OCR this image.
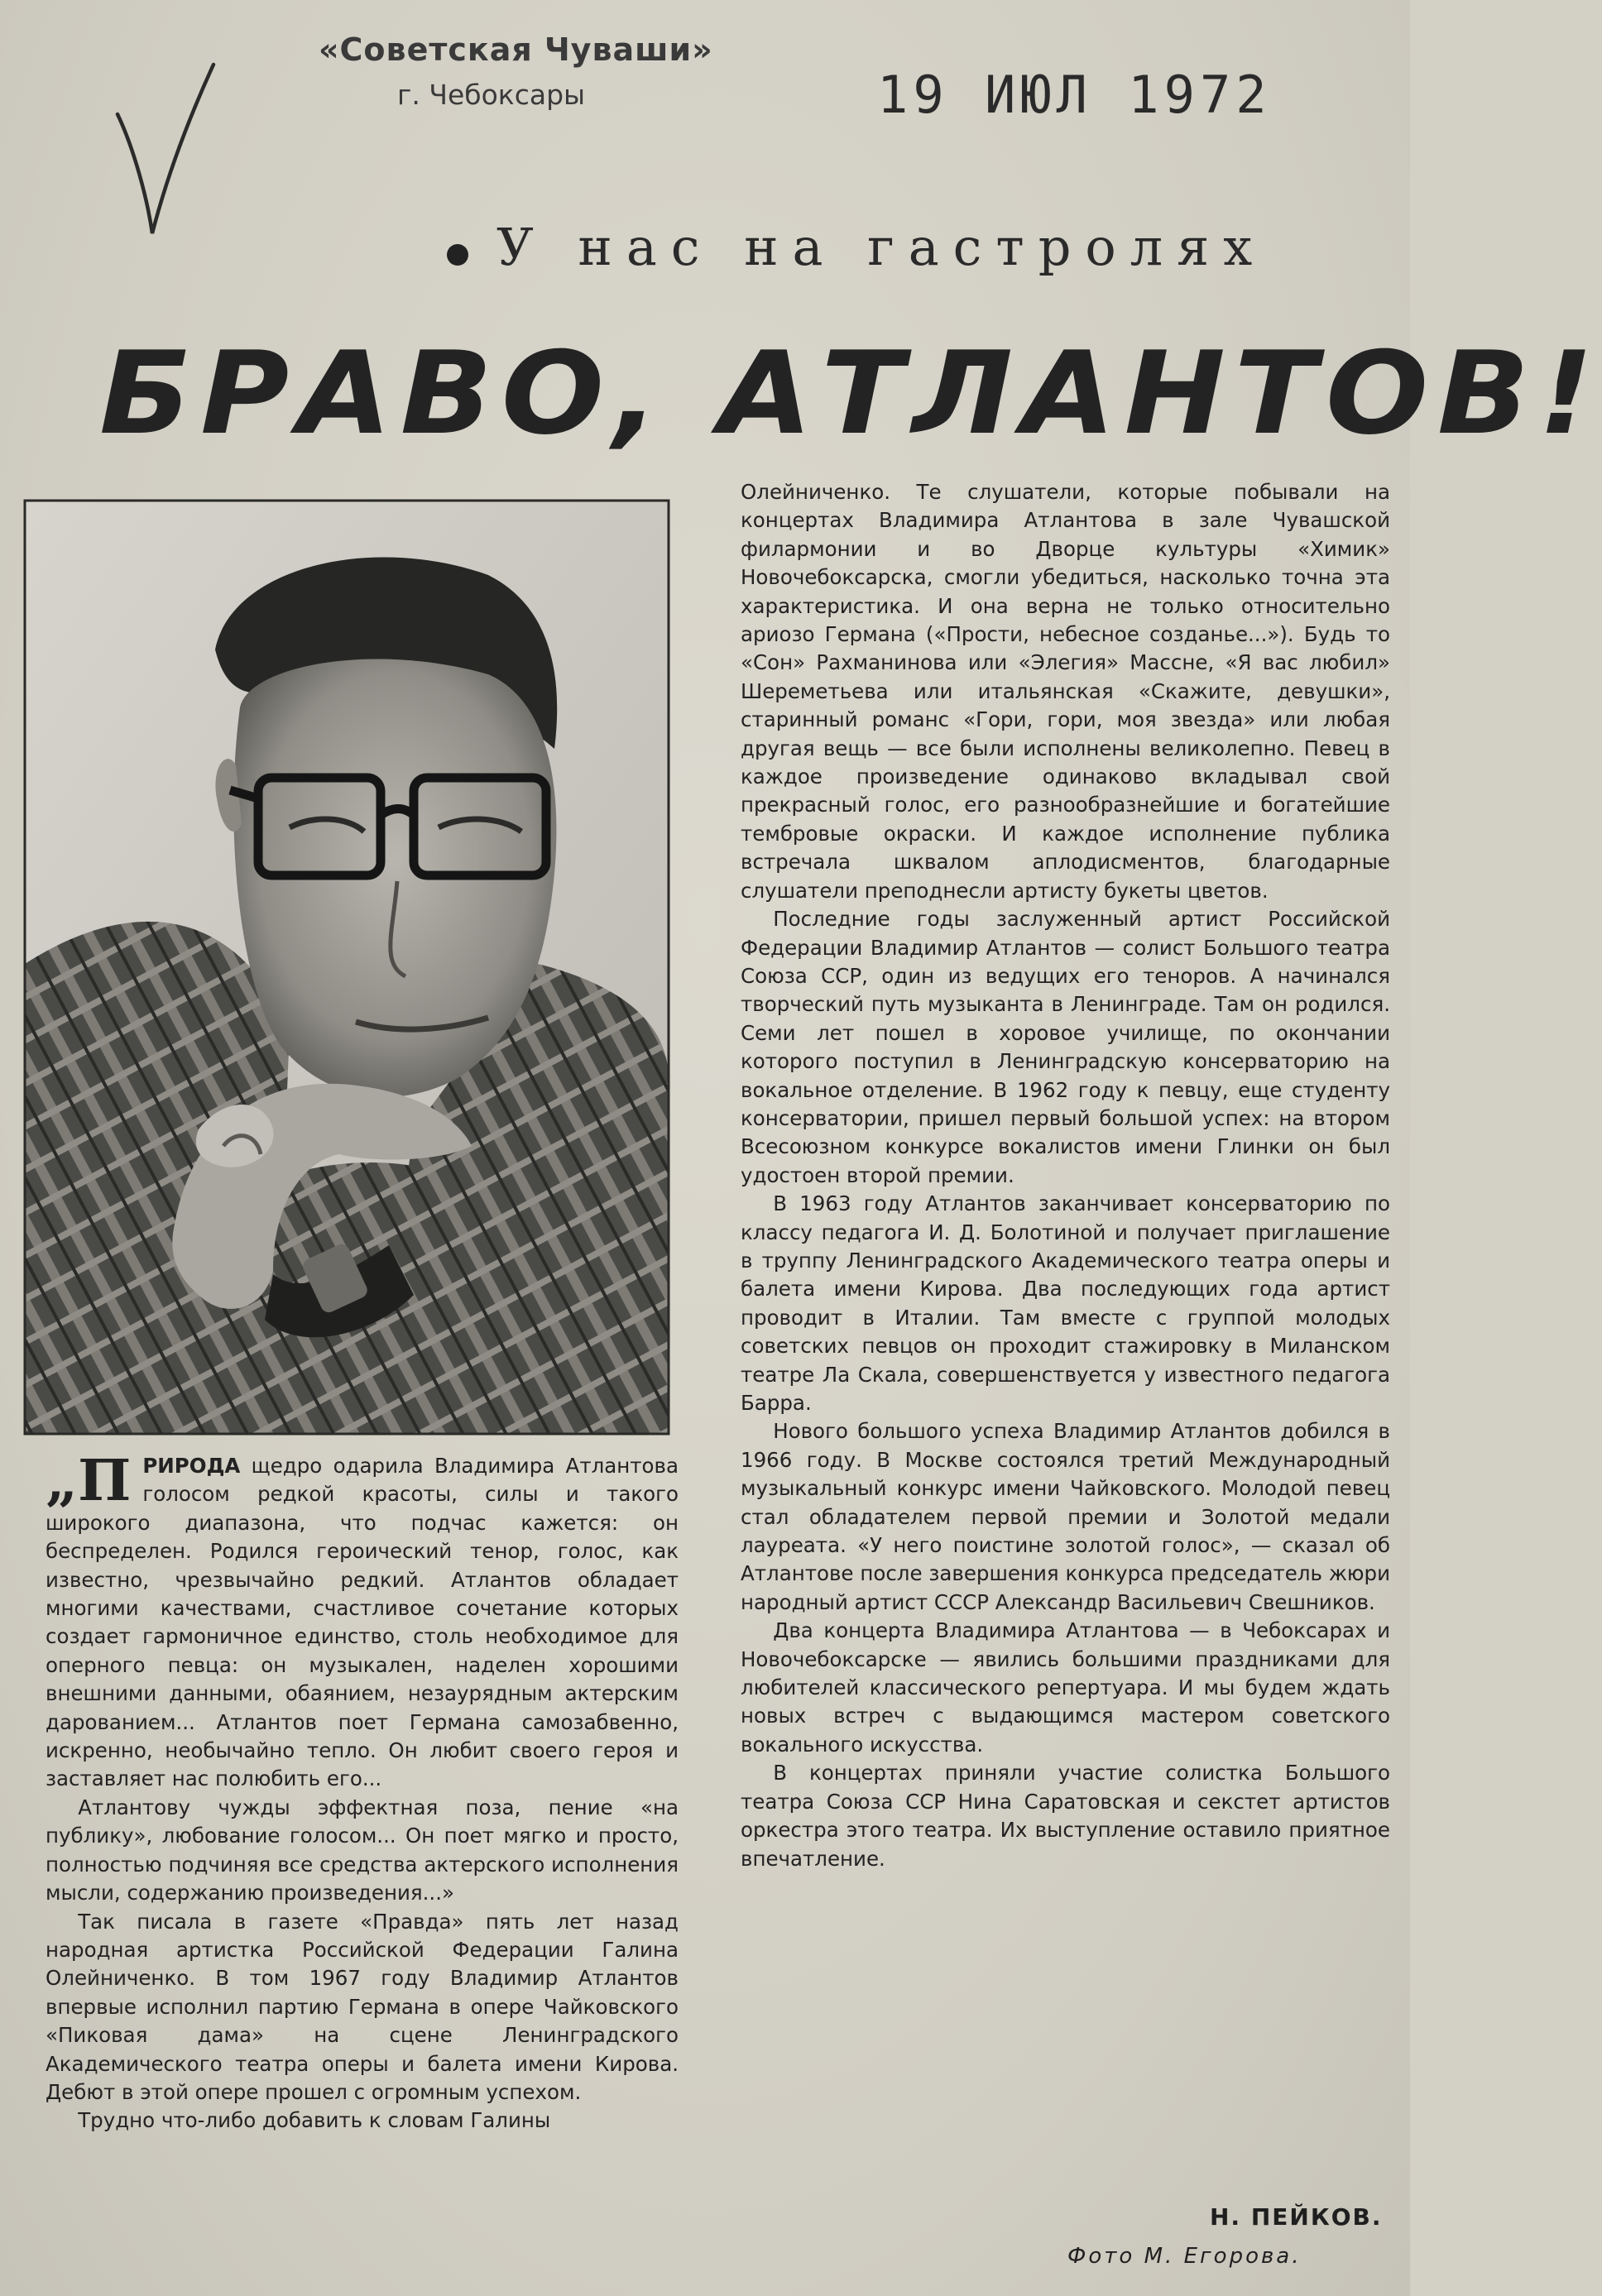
«Советская Чуваши»
г. Чебоксары	19 ИЮЛ 1972
У нас на гастролях
БРАВО, АТЛАНТОВ!

„ПРИРОДА щедро одарила Владимира Атлантова голосом редкой красоты, силы и такого широкого диапазона, что подчас кажется: он беспределен. Родился героический тенор, голос, как известно, чрезвычайно редкий. Атлантов обладает многими качествами, счастливое сочетание которых создает гармоничное единство, столь необходимое для оперного певца: он музыкален, наделен хорошими внешними данными, обаянием, незаурядным актерским дарованием... Атлантов поет Германа самозабвенно, искренно, необычайно тепло. Он любит своего героя и заставляет нас полюбить его...

Атлантову чужды эффектная поза, пение «на публику», любование голосом... Он поет мягко и просто, полностью подчиняя все средства актерского исполнения мысли, содержанию произведения...»

Так писала в газете «Правда» пять лет назад народная артистка Российской Федерации Галина Олейниченко. В том 1967 году Владимир Атлантов впервые исполнил партию Германа в опере Чайковского «Пиковая дама» на сцене Ленинградского Академического театра оперы и балета имени Кирова. Дебют в этой опере прошел с огромным успехом.

Трудно что-либо добавить к словам Галины

Олейниченко. Те слушатели, которые побывали на концертах Владимира Атлантова в зале Чувашской филармонии и во Дворце культуры «Химик» Новочебоксарска, смогли убедиться, насколько точна эта характеристика. И она верна не только относительно ариозо Германа («Прости, небесное созданье...»). Будь то «Сон» Рахманинова или «Элегия» Массне, «Я вас любил» Шереметьева или итальянская «Скажите, девушки», старинный романс «Гори, гори, моя звезда» или любая другая вещь — все были исполнены великолепно. Певец в каждое произведение одинаково вкладывал свой прекрасный голос, его разнообразнейшие и богатейшие тембровые окраски. И каждое исполнение публика встречала шквалом аплодисментов, благодарные слушатели преподнесли артисту букеты цветов.

Последние годы заслуженный артист Российской Федерации Владимир Атлантов — солист Большого театра Союза ССР, один из ведущих его теноров. А начинался творческий путь музыканта в Ленинграде. Там он родился. Семи лет пошел в хоровое училище, по окончании которого поступил в Ленинградскую консерваторию на вокальное отделение. В 1962 году к певцу, еще студенту консерватории, пришел первый большой успех: на втором Всесоюзном конкурсе вокалистов имени Глинки он был удостоен второй премии.

В 1963 году Атлантов заканчивает консерваторию по классу педагога И. Д. Болотиной и получает приглашение в труппу Ленинградского Академического театра оперы и балета имени Кирова. Два последующих года артист проводит в Италии. Там вместе с группой молодых советских певцов он проходит стажировку в Миланском театре Ла Скала, совершенствуется у известного педагога Барра.

Нового большого успеха Владимир Атлантов добился в 1966 году. В Москве состоялся третий Международный музыкальный конкурс имени Чайковского. Молодой певец стал обладателем первой премии и Золотой медали лауреата. «У него поистине золотой голос», — сказал об Атлантове после завершения конкурса председатель жюри народный артист СССР Александр Васильевич Свешников.

Два концерта Владимира Атлантова — в Чебоксарах и Новочебоксарске — явились большими праздниками для любителей классического репертуара. И мы будем ждать новых встреч с выдающимся мастером советского вокального искусства.

В концертах приняли участие солистка Большого театра Союза ССР Нина Саратовская и секстет артистов оркестра этого театра. Их выступление оставило приятное впечатление.

Н. ПЕЙКОВ.
Фото М. Егорова.
